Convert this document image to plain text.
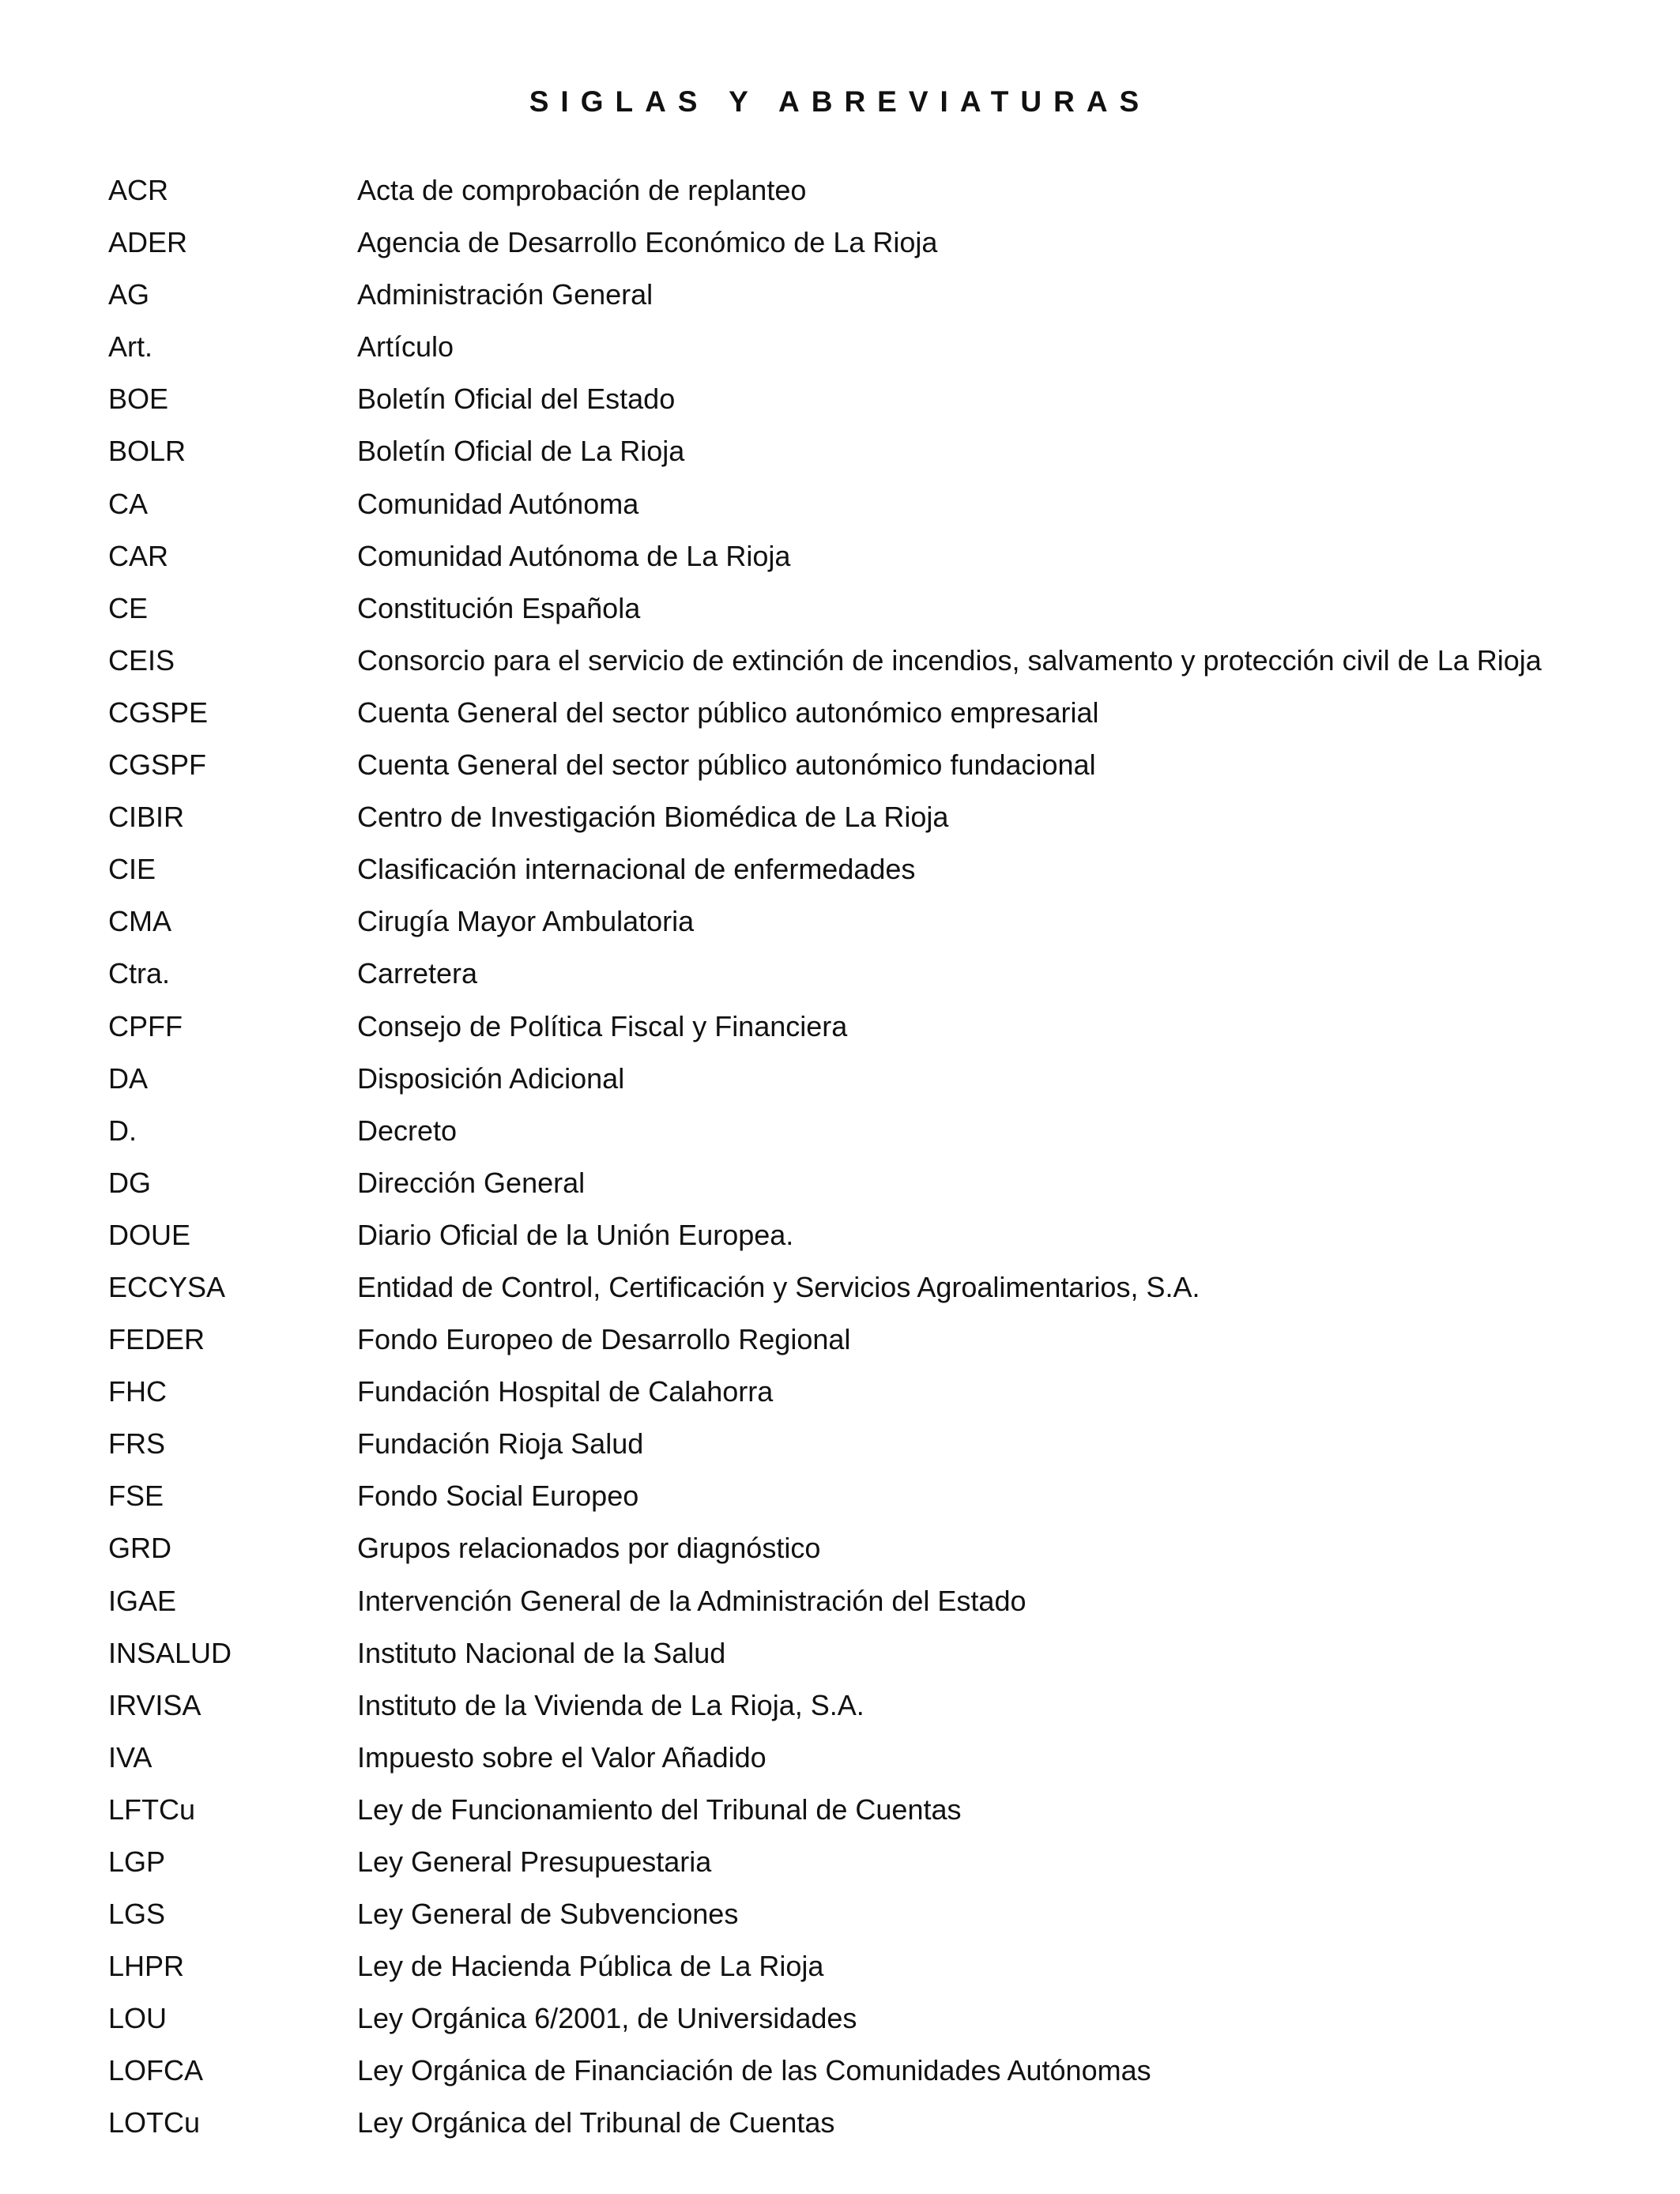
SIGLAS Y ABREVIATURAS
ACR	Acta de comprobación de replanteo
ADER	Agencia de Desarrollo Económico de La Rioja
AG	Administración General
Art.	Artículo
BOE	Boletín Oficial del Estado
BOLR	Boletín Oficial de La Rioja
CA	Comunidad Autónoma
CAR	Comunidad Autónoma de La Rioja
CE	Constitución Española
CEIS	Consorcio para el servicio de extinción de incendios, salvamento y protección civil de La Rioja
CGSPE	Cuenta General del sector público autonómico empresarial
CGSPF	Cuenta General del sector público autonómico fundacional
CIBIR	Centro de Investigación Biomédica de La Rioja
CIE	Clasificación internacional de enfermedades
CMA	Cirugía Mayor Ambulatoria
Ctra.	Carretera
CPFF	Consejo de Política Fiscal y Financiera
DA	Disposición Adicional
D.	Decreto
DG	Dirección General
DOUE	Diario Oficial de la Unión Europea.
ECCYSA	Entidad de Control, Certificación y Servicios Agroalimentarios, S.A.
FEDER	Fondo Europeo de Desarrollo Regional
FHC	Fundación Hospital de Calahorra
FRS	Fundación Rioja Salud
FSE	Fondo Social Europeo
GRD	Grupos relacionados por diagnóstico
IGAE	Intervención General de la Administración del Estado
INSALUD	Instituto Nacional de la Salud
IRVISA	Instituto de la Vivienda de La Rioja, S.A.
IVA	Impuesto sobre el Valor Añadido
LFTCu	Ley de Funcionamiento del Tribunal de Cuentas
LGP	Ley General Presupuestaria
LGS	Ley General de Subvenciones
LHPR	Ley de Hacienda Pública de La Rioja
LOU	Ley Orgánica 6/2001, de Universidades
LOFCA	Ley Orgánica de Financiación de las Comunidades Autónomas
LOTCu	Ley Orgánica del Tribunal de Cuentas
